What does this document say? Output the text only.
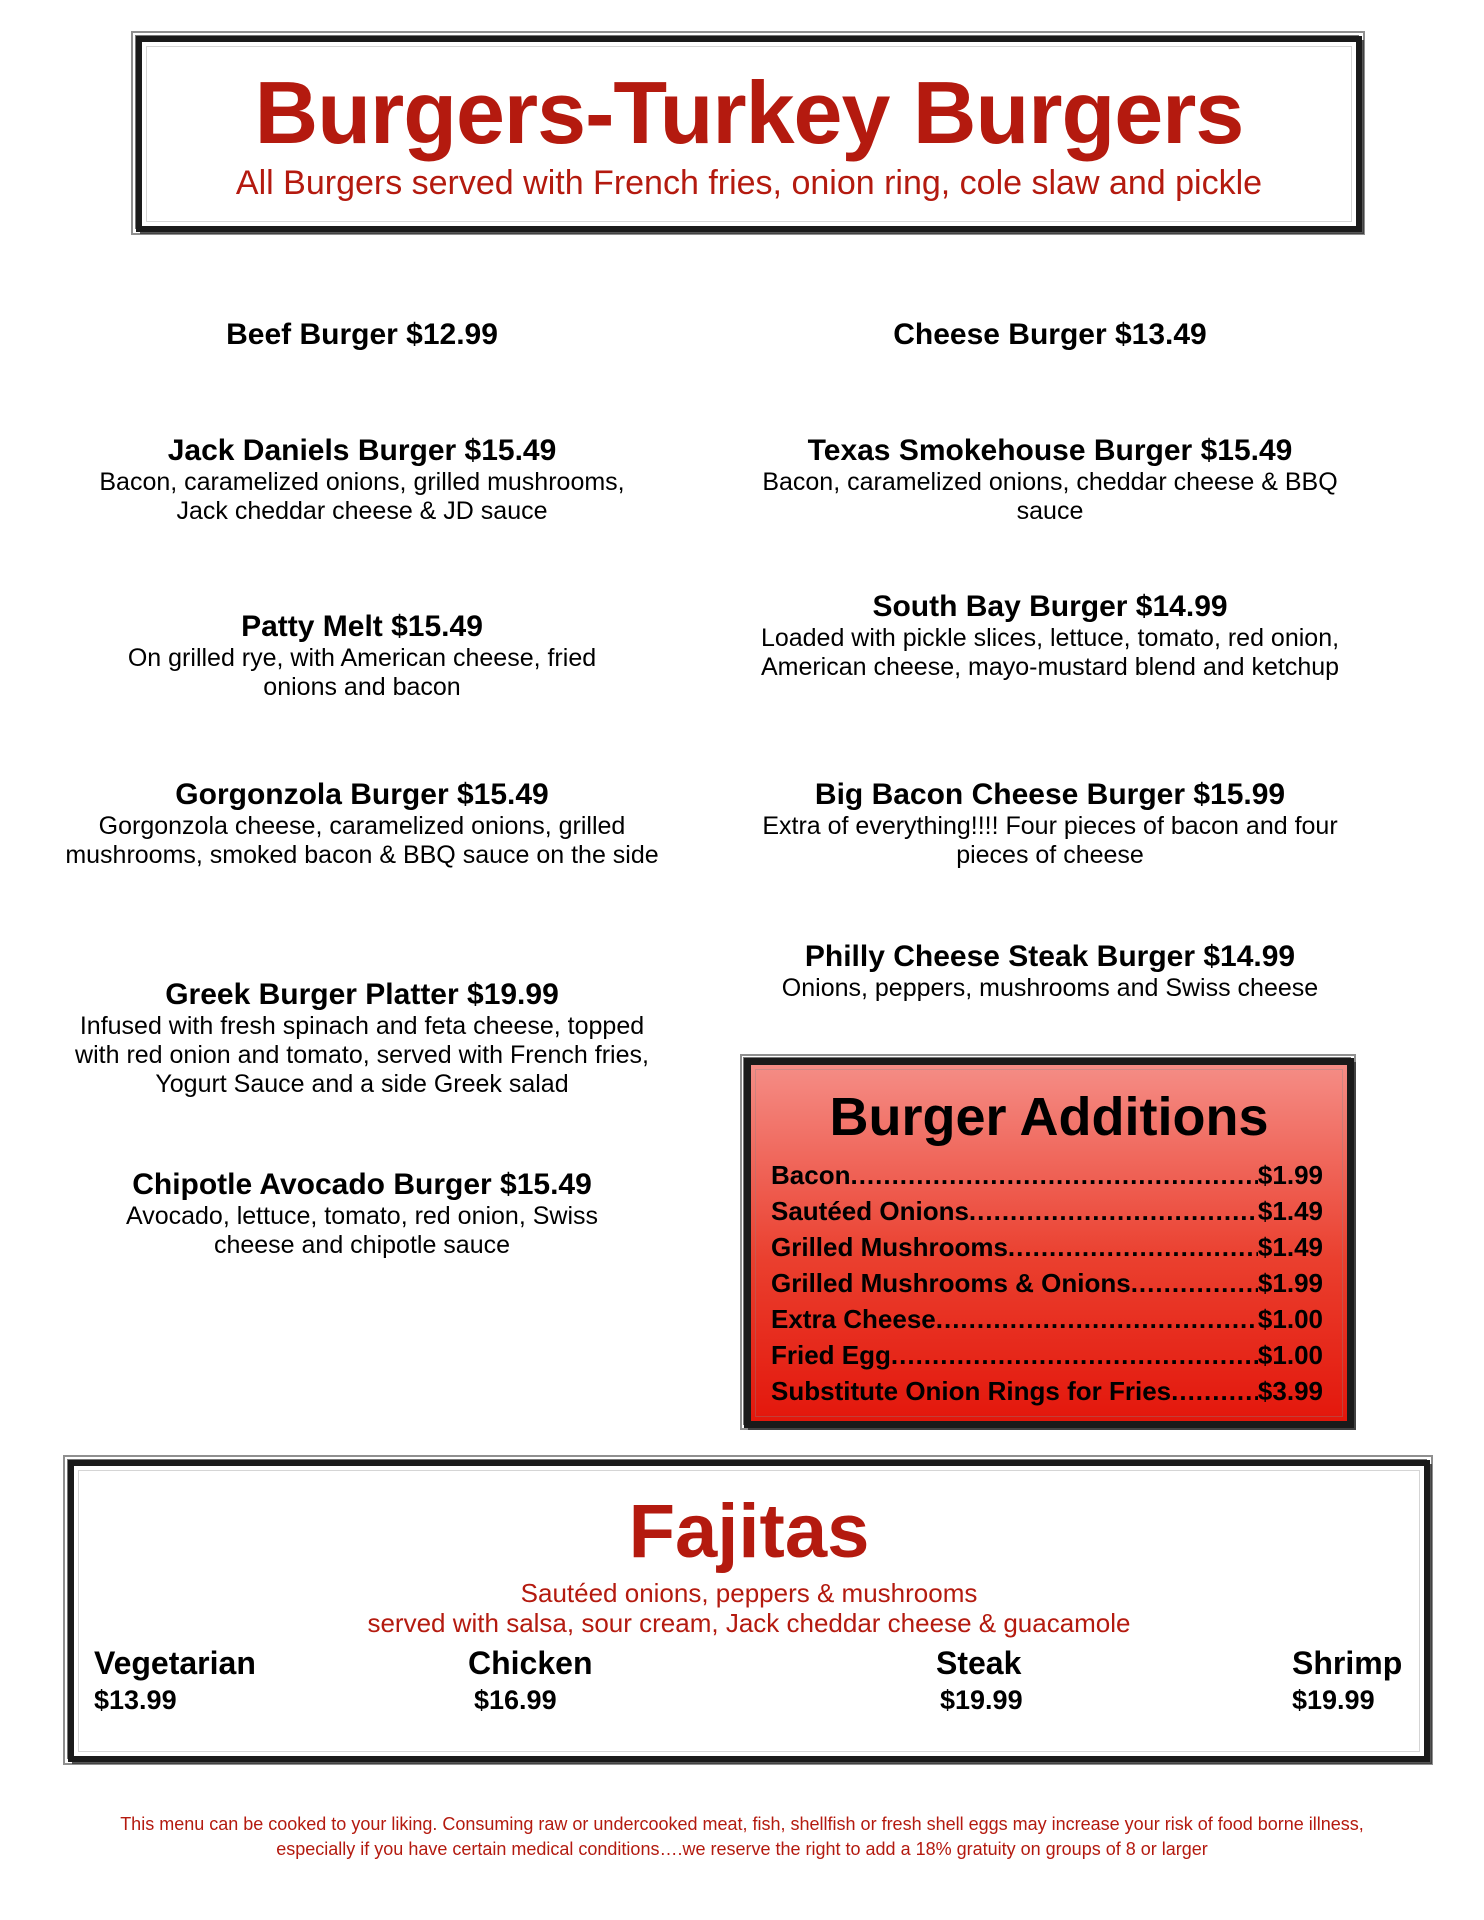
Burgers-Turkey Burgers
All Burgers served with French fries, onion ring, cole slaw and pickle
Beef Burger $12.99
Jack Daniels Burger $15.49
Bacon, caramelized onions, grilled mushrooms, Jack cheddar cheese & JD sauce
Patty Melt $15.49
On grilled rye, with American cheese, fried onions and bacon
Gorgonzola Burger $15.49
Gorgonzola cheese, caramelized onions, grilled mushrooms, smoked bacon & BBQ sauce on the side
Greek Burger Platter $19.99
Infused with fresh spinach and feta cheese, topped with red onion and tomato, served with French fries, Yogurt Sauce and a side Greek salad
Chipotle Avocado Burger $15.49
Avocado, lettuce, tomato, red onion, Swiss cheese and chipotle sauce
Cheese Burger $13.49
Texas Smokehouse Burger $15.49
Bacon, caramelized onions, cheddar cheese & BBQ sauce
South Bay Burger $14.99
Loaded with pickle slices, lettuce, tomato, red onion, American cheese, mayo-mustard blend and ketchup
Big Bacon Cheese Burger $15.99
Extra of everything!!!! Four pieces of bacon and four pieces of cheese
Philly Cheese Steak Burger $14.99
Onions, peppers, mushrooms and Swiss cheese
Burger Additions
Bacon .....	$1.99
Sautéed Onions .....	$1.49
Grilled Mushrooms .....	$1.49
Grilled Mushrooms & Onions .....	$1.99
Extra Cheese .....	$1.00
Fried Egg .....	$1.00
Substitute Onion Rings for Fries .....	$3.99
Fajitas
Sautéed onions, peppers & mushrooms
served with salsa, sour cream, Jack cheddar cheese & guacamole
Vegetarian
$13.99
Chicken
$16.99
Steak
$19.99
Shrimp
$19.99
This menu can be cooked to your liking. Consuming raw or undercooked meat, fish, shellfish or fresh shell eggs may increase your risk of food borne illness,
especially if you have certain medical conditions….we reserve the right to add a 18% gratuity on groups of 8 or larger
